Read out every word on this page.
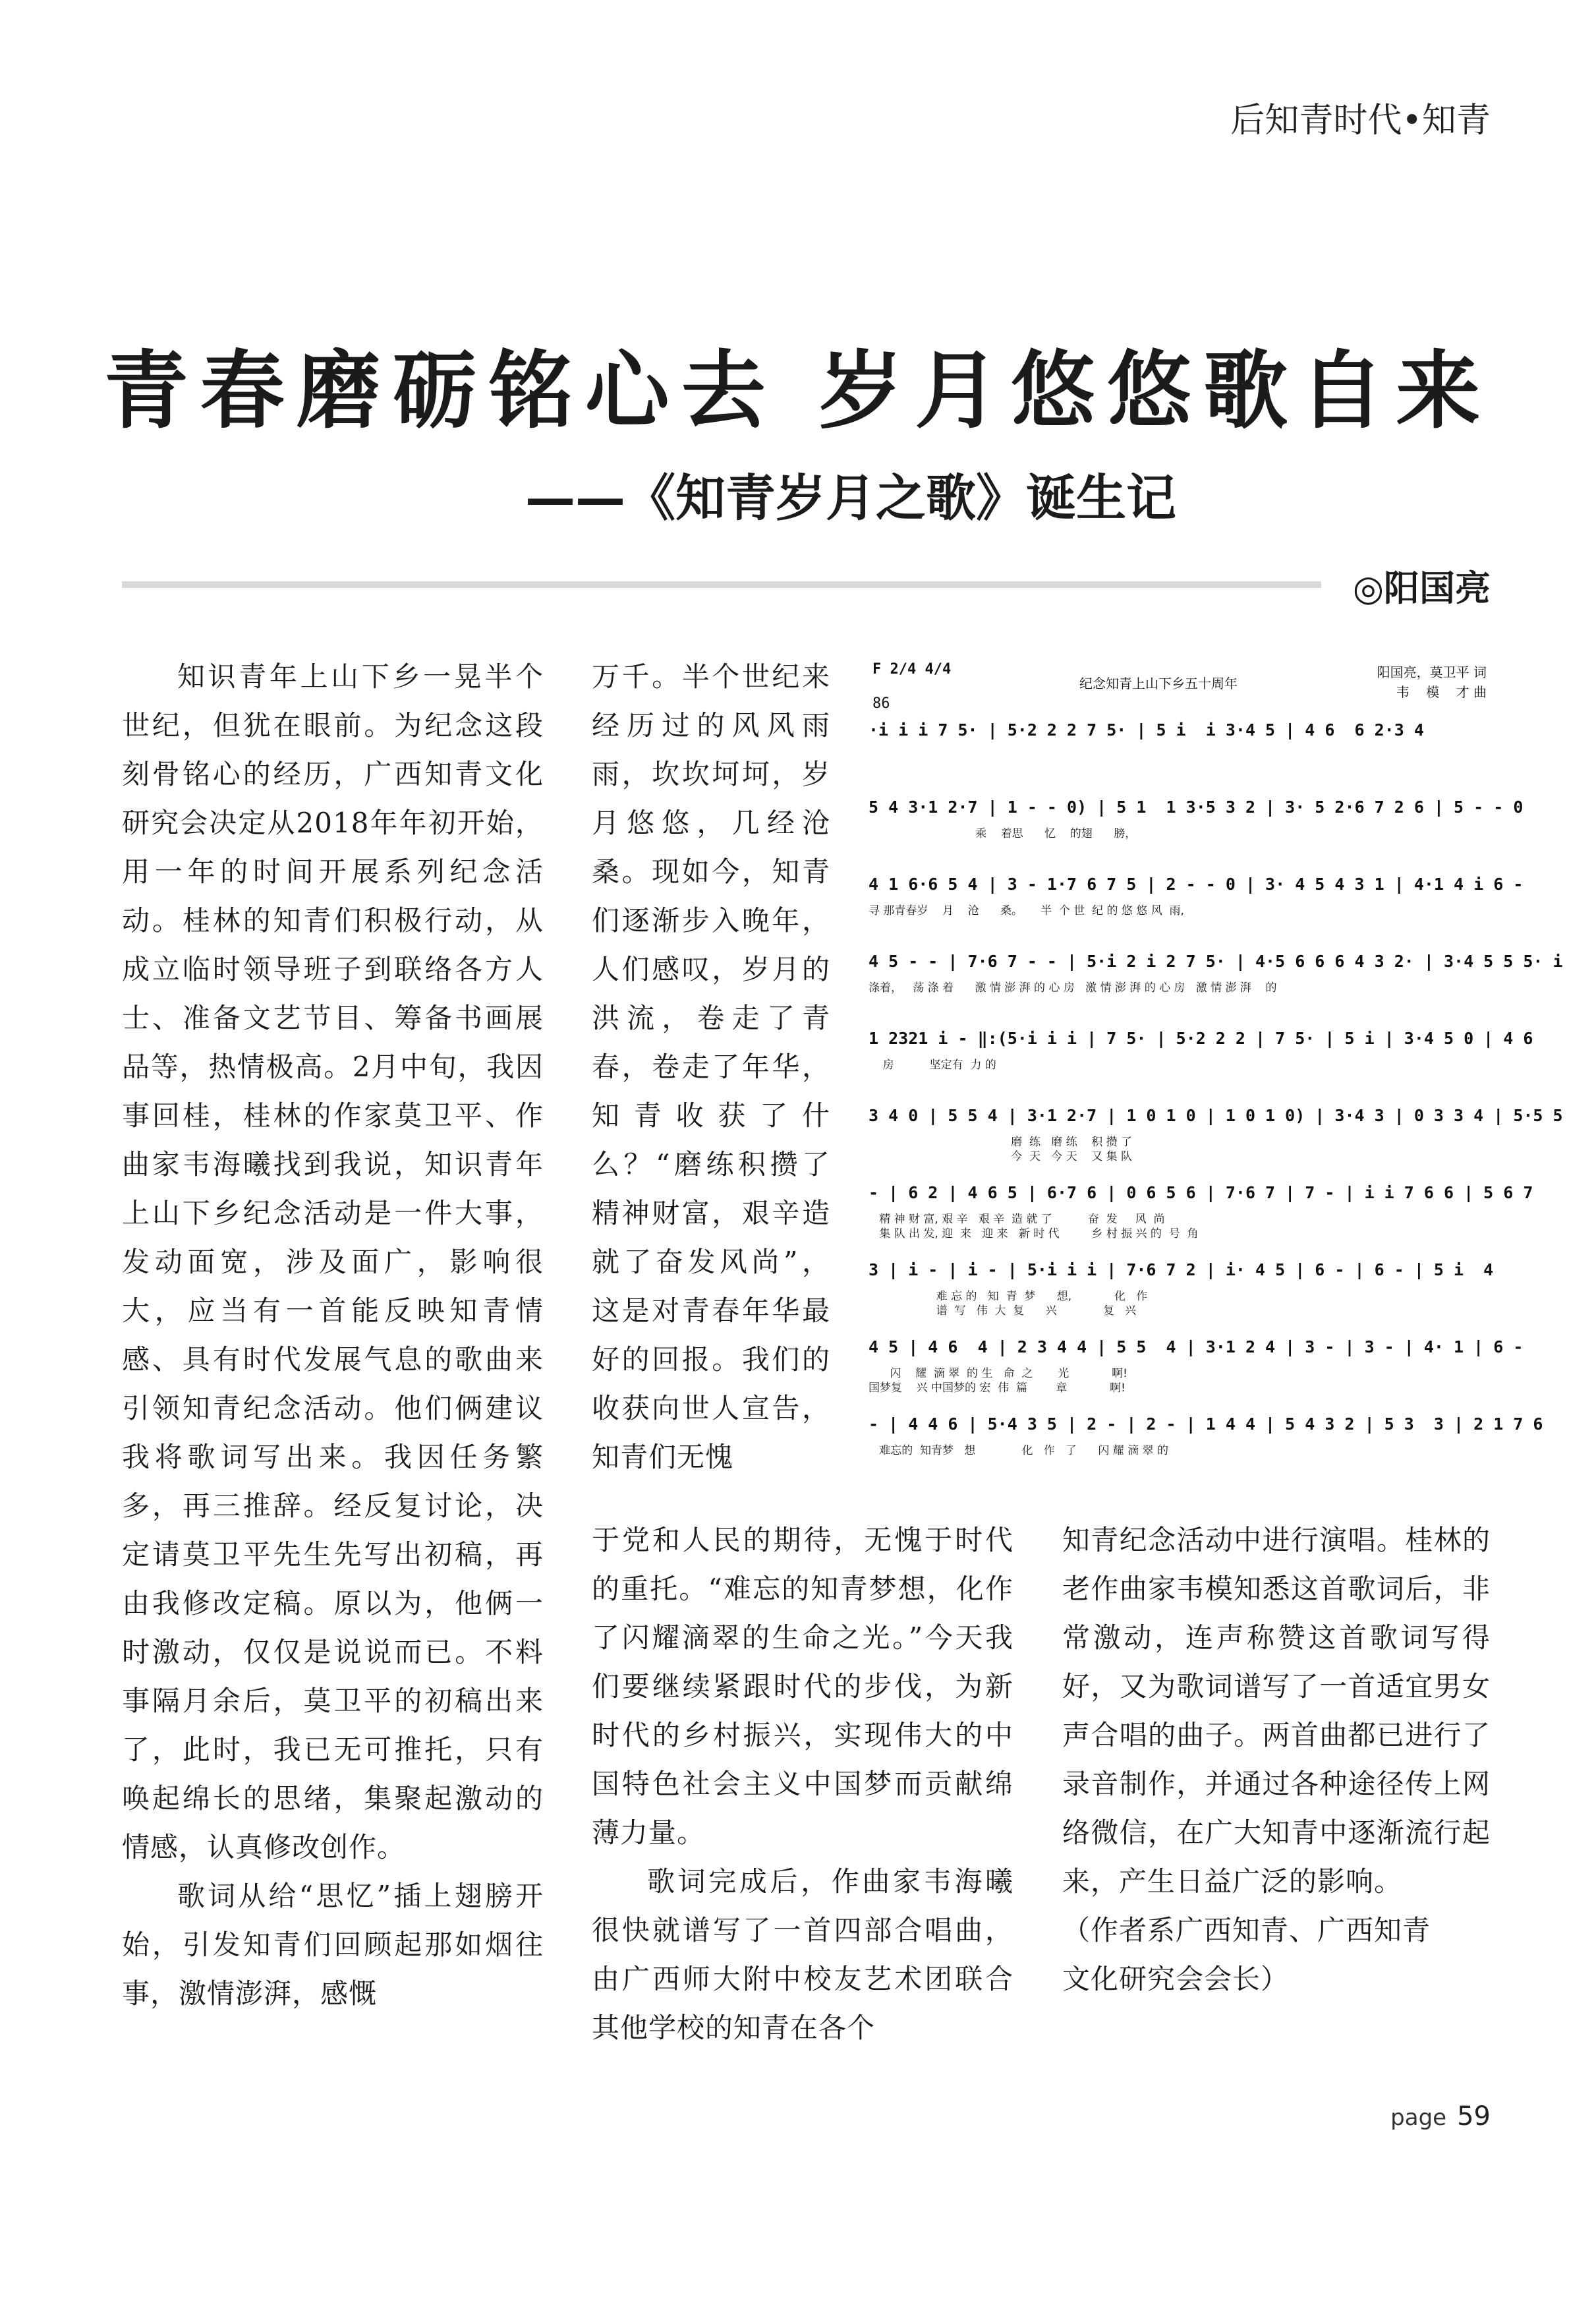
后知青时代•知青
青春磨砺铭心去 岁月悠悠歌自来
——《知青岁月之歌》诞生记
◎阳国亮

知识青年上山下乡一晃半个世纪，但犹在眼前。为纪念这段刻骨铭心的经历，广西知青文化研究会决定从2018年年初开始，用一年的时间开展系列纪念活动。桂林的知青们积极行动，从成立临时领导班子到联络各方人士、准备文艺节目、筹备书画展品等，热情极高。2月中旬，我因事回桂，桂林的作家莫卫平、作曲家韦海曦找到我说，知识青年上山下乡纪念活动是一件大事，发动面宽，涉及面广，影响很大，应当有一首能反映知青情感、具有时代发展气息的歌曲来引领知青纪念活动。他们俩建议我将歌词写出来。我因任务繁多，再三推辞。经反复讨论，决定请莫卫平先生先写出初稿，再由我修改定稿。原以为，他俩一时激动，仅仅是说说而已。不料事隔月余后，莫卫平的初稿出来了，此时，我已无可推托，只有唤起绵长的思绪，集聚起激动的情感，认真修改创作。

歌词从给“思忆”插上翅膀开始，引发知青们回顾起那如烟往事，激情澎湃，感慨

万千。半个世纪来经历过的风风雨雨，坎坎坷坷，岁月悠悠，几经沧桑。现如今，知青们逐渐步入晚年，人们感叹，岁月的洪流，卷走了青春，卷走了年华，知青收获了什么？“磨练积攒了精神财富，艰辛造就了奋发风尚”，这是对青春年华最好的回报。我们的收获向世人宣告，知青们无愧

F 2/4 4/4
86
纪念知青上山下乡五十周年
阳国亮，莫卫平 词
韦    模    才 曲
·i i i 7 5· | 5·2 2 2 7 5· | 5 i  i 3·4 5 | 4 6  6 2·3 4
5 4 3·1 2·7 | 1 - - 0) | 5 1  1 3·5 3 2 | 3· 5 2·6 7 2 6 | 5 - - 0
乘    着思      忆    的翅      膀，
4 1 6·6 5 4 | 3 - 1·7 6 7 5 | 2 - - 0 | 3· 4 5 4 3 1 | 4·1 4 i 6 -
寻 那青春岁    月    沧      桑。     半  个 世  纪 的 悠 悠 风  雨,
4 5 - - | 7·6 7 - - | 5·i 2 i 2 7 5· | 4·5 6 6 6 4 3 2· | 3·4 5 5 5· i
涤着，   荡 涤 着      激 情 澎 湃 的 心 房   激 情 澎 湃 的 心 房   激 情 澎 湃    的
1 2321 i - ‖:(5·i i i | 7 5· | 5·2 2 2 | 7 5· | 5 i | 3·4 5 0 | 4 6
房          坚定有  力 的
3 4 0 | 5 5 4 | 3·1 2·7 | 1 0 1 0 | 1 0 1 0) | 3·4 3 | 0 3 3 4 | 5·5 5
磨  练   磨 练    积 攒 了
今  天   今 天    又 集 队
- | 6 2 | 4 6 5 | 6·7 6 | 0 6 5 6 | 7·6 7 | 7 - | i i 7 6 6 | 5 6 7
精 神 财 富, 艰 辛   艰 辛  造 就 了          奋  发     风  尚
集 队 出 发, 迎  来   迎 来   新 时 代         乡 村 振 兴 的  号  角
3 | i - | i - | 5·i i i | 7·6 7 2 | i· 4 5 | 6 - | 6 - | 5 i  4
难 忘 的   知  青  梦      想,            化   作
谱  写   伟  大  复      兴             复   兴
4 5 | 4 6  4 | 2 3 4 4 | 5 5  4 | 3·1 2 4 | 3 - | 3 - | 4· 1 | 6 -
闪    耀  滴 翠  的 生   命  之       光            啊!
国梦复    兴 中国梦的 宏  伟  篇        章            啊!
- | 4 4 6 | 5·4 3 5 | 2 - | 2 - | 1 4 4 | 5 4 3 2 | 5 3  3 | 2 1 7 6
难忘的  知青梦   想             化   作   了      闪 耀 滴 翠 的

于党和人民的期待，无愧于时代的重托。“难忘的知青梦想，化作了闪耀滴翠的生命之光。”今天我们要继续紧跟时代的步伐，为新时代的乡村振兴，实现伟大的中国特色社会主义中国梦而贡献绵薄力量。

歌词完成后，作曲家韦海曦很快就谱写了一首四部合唱曲，由广西师大附中校友艺术团联合其他学校的知青在各个

知青纪念活动中进行演唱。桂林的老作曲家韦模知悉这首歌词后，非常激动，连声称赞这首歌词写得好，又为歌词谱写了一首适宜男女声合唱的曲子。两首曲都已进行了录音制作，并通过各种途径传上网络微信，在广大知青中逐渐流行起来，产生日益广泛的影响。

（作者系广西知青、广西知青
文化研究会会长）

page 59
